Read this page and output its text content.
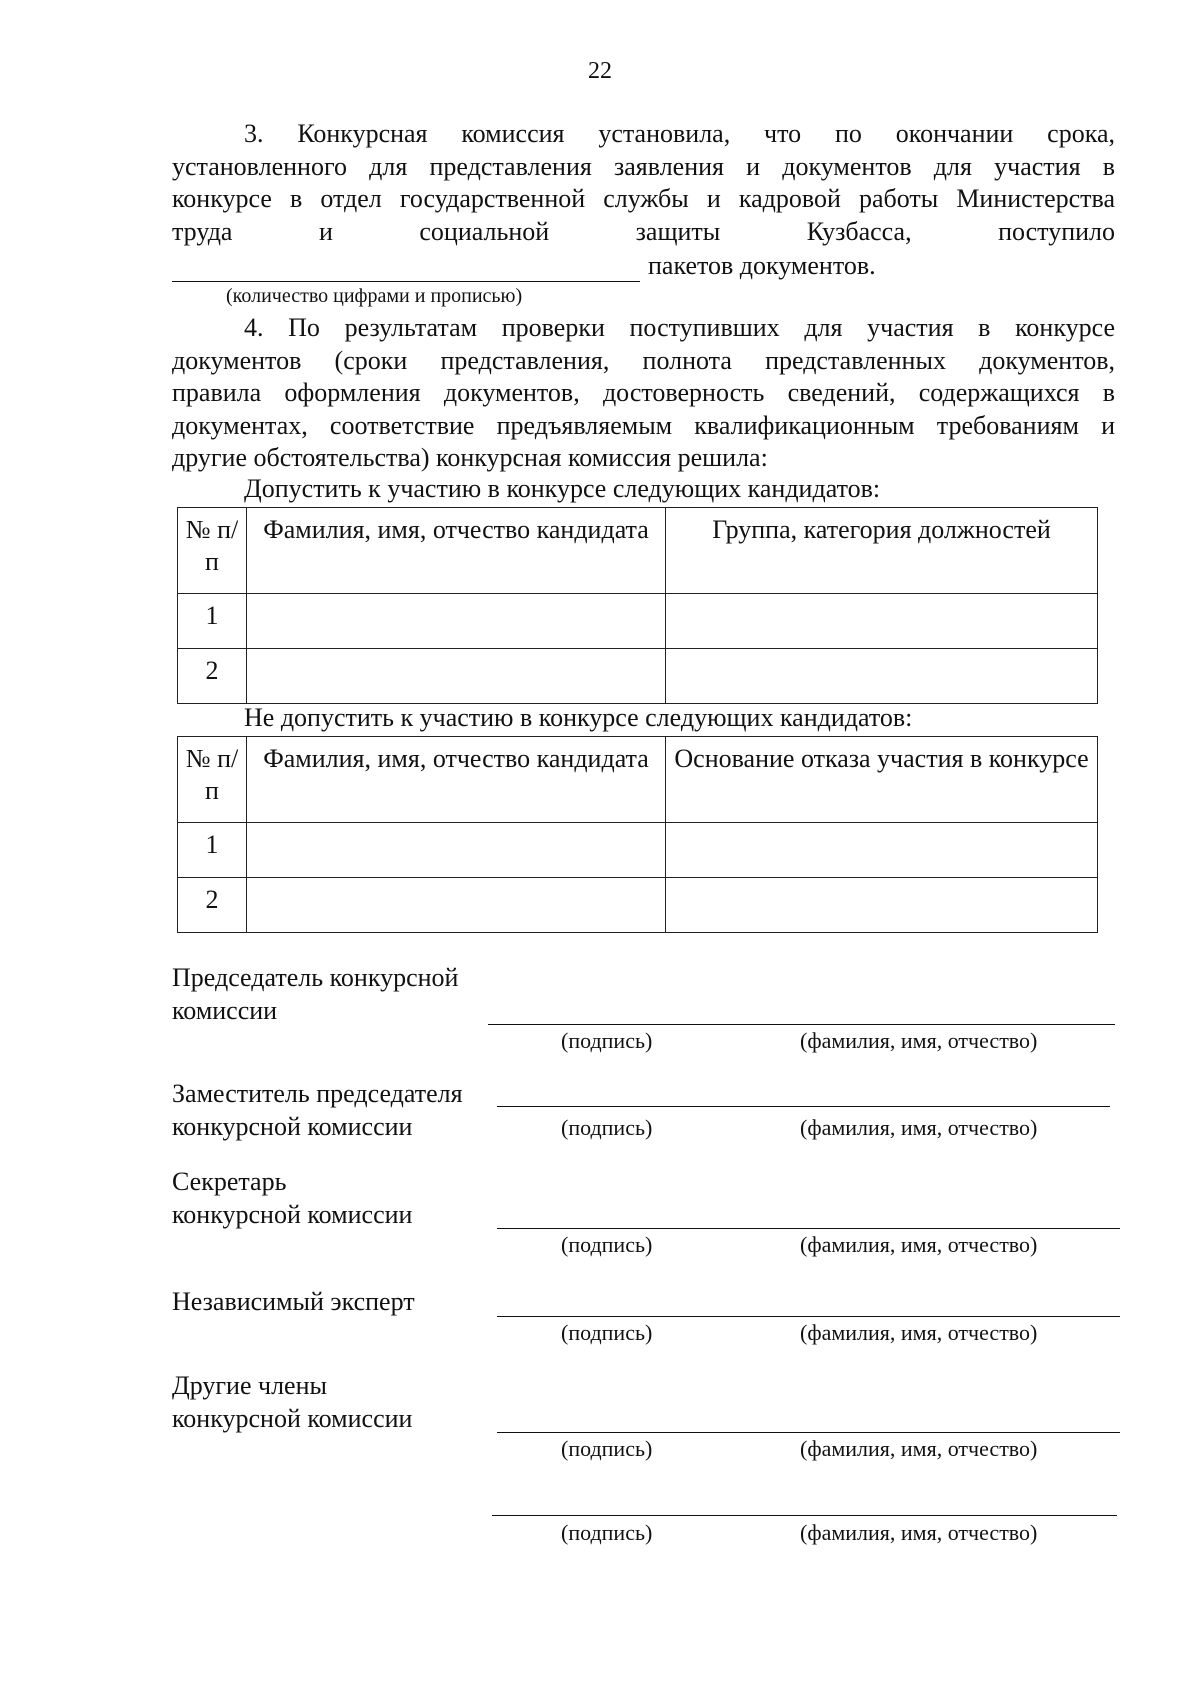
22
3. Конкурсная комиссия установила, что по окончании срока,
установленного для представления заявления и документов для участия в
конкурсе в отдел государственной службы и кадровой работы Министерства
труда и социальной защиты Кузбасса, поступило
пакетов документов.
(количество цифрами и прописью)
4. По результатам проверки поступивших для участия в конкурсе
документов (сроки представления, полнота представленных документов,
правила оформления документов, достоверность сведений, содержащихся в
документах, соответствие предъявляемым квалификационным требованиям и
другие обстоятельства) конкурсная комиссия решила:
Допустить к участию в конкурсе следующих кандидатов:
№ п/п	Фамилия, имя, отчество кандидата	Группа, категория должностей
1		
2		
Не допустить к участию в конкурсе следующих кандидатов:
№ п/п	Фамилия, имя, отчество кандидата	Основание отказа участия в конкурсе
1		
2		
Председатель конкурсной
комиссии
(подпись)	(фамилия, имя, отчество)
Заместитель председателя
конкурсной комиссии	(подпись)	(фамилия, имя, отчество)
Секретарь
конкурсной комиссии
(подпись)	(фамилия, имя, отчество)
Независимый эксперт
(подпись)	(фамилия, имя, отчество)
Другие члены
конкурсной комиссии
(подпись)	(фамилия, имя, отчество)
(подпись)	(фамилия, имя, отчество)
